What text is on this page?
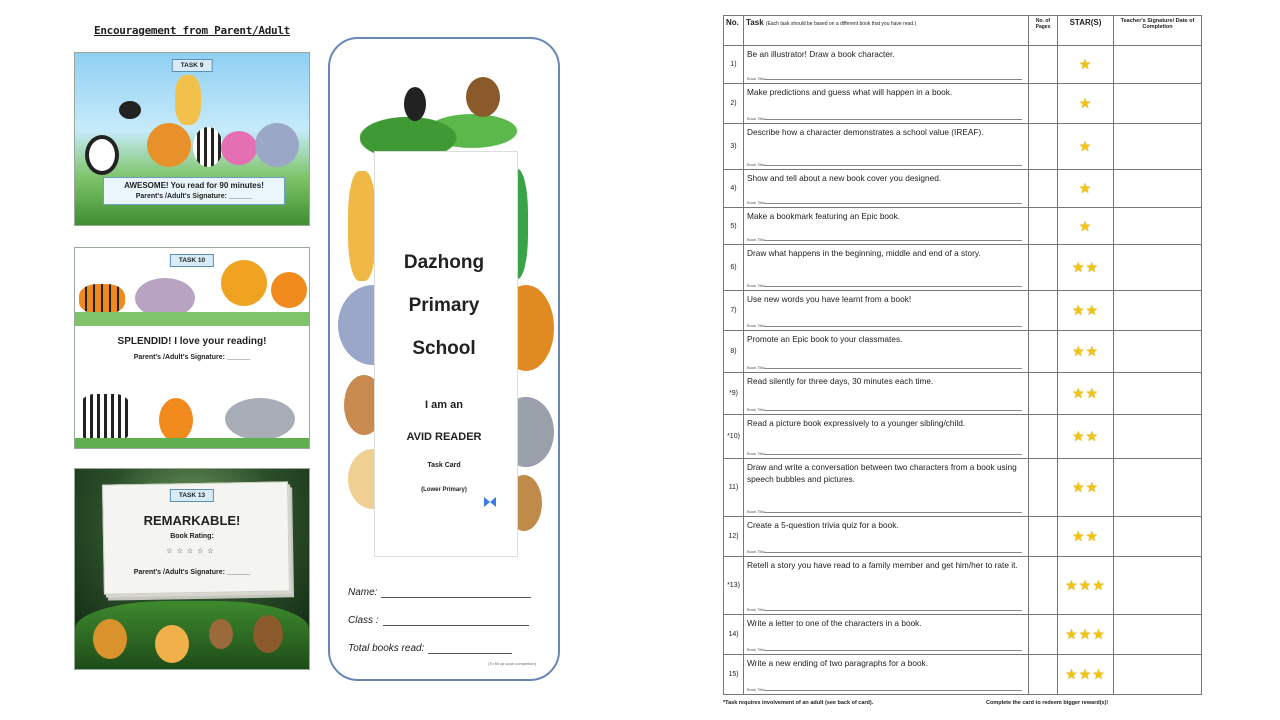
Encouragement from Parent/Adult
TASK 9
AWESOME! You read for 90 minutes!
Parent's /Adult's Signature: ______
TASK 10
SPLENDID! I love your reading!
Parent's /Adult's Signature: ______
TASK 13
REMARKABLE!
Book Rating:
☆☆☆☆☆
Parent's /Adult's Signature: ______
Dazhong
Primary
School
I am an
AVID READER
Task Card
(Lower Primary)
Name:
Class :
Total books read:
(To fill up upon completion)
No.	Task (Each task should be based on a different book that you have read.)	No. of Pages	STAR(S)	Teacher's Signature/ Date of Completion
1)	Be an illustrator! Draw a book character.
Book Title:		★	
2)	Make predictions and guess what will happen in a book.
Book Title:		★	
3)	Describe how a character demonstrates a school value (IREAF).
Book Title:		★	
4)	Show and tell about a new book cover you designed.
Book Title:		★	
5)	Make a bookmark featuring an Epic book.
Book Title:		★	
6)	Draw what happens in the beginning, middle and end of a story.
Book Title:		★★	
7)	Use new words you have learnt from a book!
Book Title:		★★	
8)	Promote an Epic book to your classmates.
Book Title:		★★	
*9)	Read silently for three days, 30 minutes each time.
Book Title:		★★	
*10)	Read a picture book expressively to a younger sibling/child.
Book Title:		★★	
11)	Draw and write a conversation between two characters from a book using speech bubbles and pictures.
Book Title:		★★	
12)	Create a 5-question trivia quiz for a book.
Book Title:		★★	
*13)	Retell a story you have read to a family member and get him/her to rate it.
Book Title:		★★★	
14)	Write a letter to one of the characters in a book.
Book Title:		★★★	
15)	Write a new ending of two paragraphs for a book.
Book Title:		★★★	
*Task requires involvement of an adult (see back of card).	Complete the card to redeem bigger reward(s)!
